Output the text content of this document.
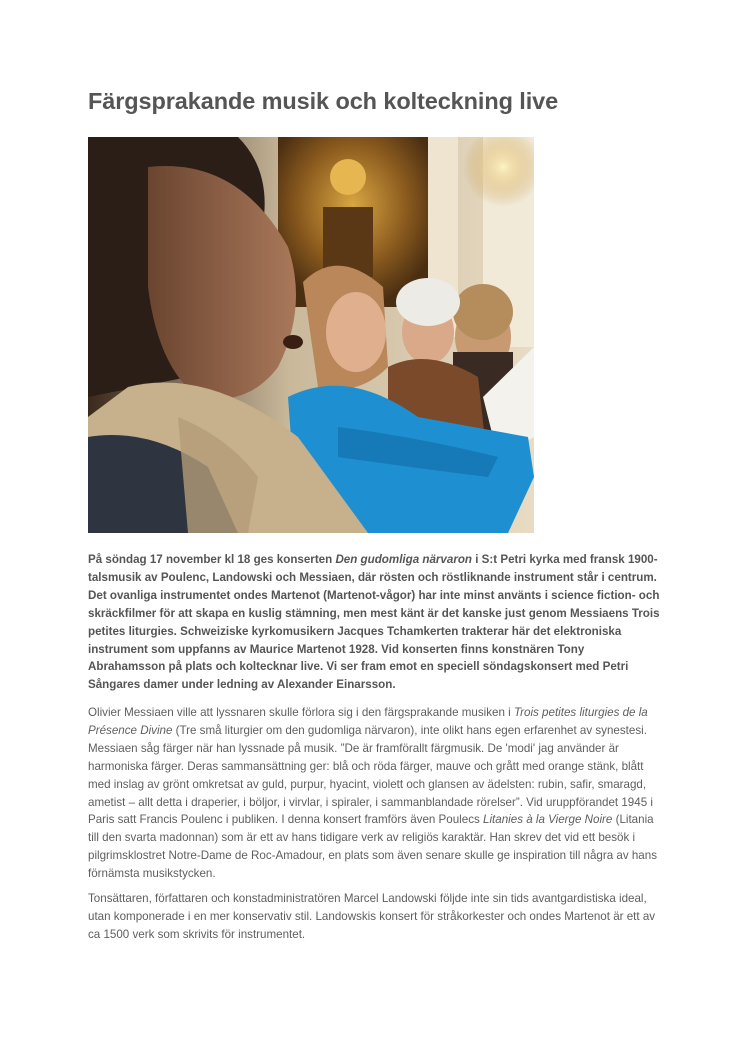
Färgsprakande musik och kolteckning live

På söndag 17 november kl 18 ges konserten Den gudomliga närvaron i S:t Petri kyrka med fransk 1900-talsmusik av Poulenc, Landowski och Messiaen, där rösten och röstliknande instrument står i centrum. Det ovanliga instrumentet ondes Martenot (Martenot-vågor) har inte minst använts i science fiction- och skräckfilmer för att skapa en kuslig stämning, men mest känt är det kanske just genom Messiaens Trois petites liturgies. Schweiziske kyrkomusikern Jacques Tchamkerten trakterar här det elektroniska instrument som uppfanns av Maurice Martenot 1928. Vid konserten finns konstnären Tony Abrahamsson på plats och koltecknar live. Vi ser fram emot en speciell söndagskonsert med Petri Sångares damer under ledning av Alexander Einarsson.

Olivier Messiaen ville att lyssnaren skulle förlora sig i den färgsprakande musiken i Trois petites liturgies de la Présence Divine (Tre små liturgier om den gudomliga närvaron), inte olikt hans egen erfarenhet av synestesi. Messiaen såg färger när han lyssnade på musik. ”De är framförallt färgmusik. De 'modi' jag använder är harmoniska färger. Deras sammansättning ger: blå och röda färger, mauve och grått med orange stänk, blått med inslag av grönt omkretsat av guld, purpur, hyacint, violett och glansen av ädelsten: rubin, safir, smaragd, ametist – allt detta i draperier, i böljor, i virvlar, i spiraler, i sammanblandade rörelser”. Vid uruppförandet 1945 i Paris satt Francis Poulenc i publiken. I denna konsert framförs även Poulecs Litanies à la Vierge Noire (Litania till den svarta madonnan) som är ett av hans tidigare verk av religiös karaktär. Han skrev det vid ett besök i pilgrimsklostret Notre-Dame de Roc-Amadour, en plats som även senare skulle ge inspiration till några av hans förnämsta musikstycken.

Tonsättaren, författaren och konstadministratören Marcel Landowski följde inte sin tids avantgardistiska ideal, utan komponerade i en mer konservativ stil. Landowskis konsert för stråkorkester och ondes Martenot är ett av ca 1500 verk som skrivits för instrumentet.
